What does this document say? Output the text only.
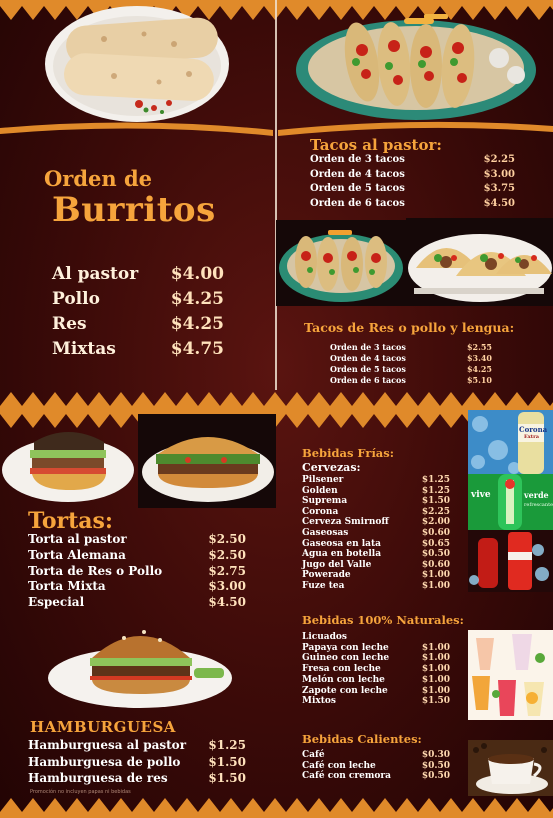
Orden de
Burritos
Al pastor $4.00
Pollo	$4.25
Res	$4.25
Mixtas	$4.75
Tacos al pastor:
Orden de 3 tacos	$2.25
Orden de 4 tacos	$3.00
Orden de 5 tacos	$3.75
Orden de 6 tacos	$4.50
Tacos de Res o pollo y lengua:
Orden de 3 tacos	$2.55
Orden de 4 tacos	$3.40
Orden de 5 tacos	$4.25
Orden de 6 tacos	$5.10
Tortas:
Torta al pastor	$2.50
Torta Alemana	$2.50
Torta de Res o Pollo	$2.75
Torta Mixta	$3.00
Especial	$4.50
HAMBURGUESA
Hamburguesa al pastor $1.25
Hamburguesa de pollo $1.50
Hamburguesa de res	$1.50
Promoción no incluyen papas ni bebidas
Bebidas Frías:
Cervezas:
Pilsener	$1.25
Golden	$1.25
Suprema	$1.50
Corona	$2.25
Cerveza Smirnoff	$2.00
Gaseosas	$0.60
Gaseosa en lata	$0.65
Agua en botella	$0.50
Jugo del Valle	$0.60
Powerade	$1.00
Fuze tea	$1.00
Corona
Extra
vive	verde
refrescante
Bebidas 100% Naturales:
Licuados
Papaya con leche	$1.00
Guineo con leche	$1.00
Fresa con leche	$1.00
Melón con leche	$1.00
Zapote con leche	$1.00
Mixtos	$1.50
Bebidas Calientes:
Café	$0.30
Café con leche	$0.50
Café con cremora	$0.50
